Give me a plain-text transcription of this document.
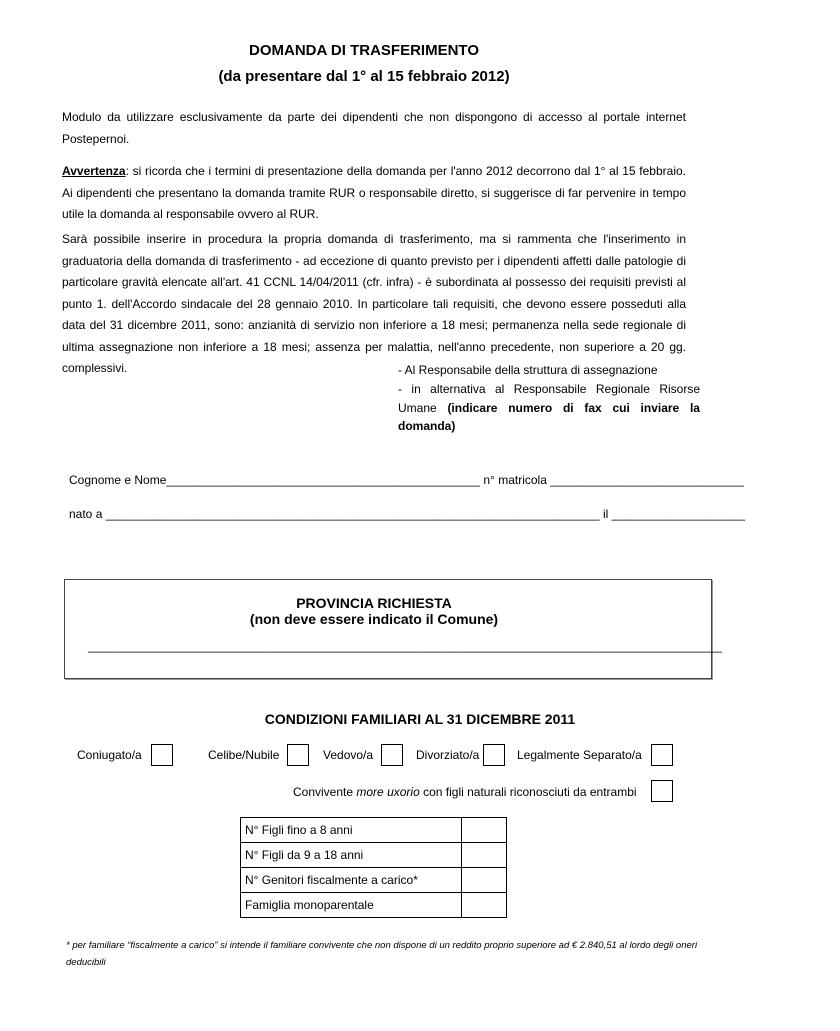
DOMANDA DI TRASFERIMENTO
(da presentare dal 1° al 15 febbraio 2012)
Modulo da utilizzare esclusivamente da parte dei dipendenti che non dispongono di accesso al portale internet Postepernoi.
Avvertenza: si ricorda che i termini di presentazione della domanda per l'anno 2012 decorrono dal 1° al 15 febbraio. Ai dipendenti che presentano la domanda tramite RUR o responsabile diretto, si suggerisce di far pervenire in tempo utile la domanda al responsabile ovvero al RUR.
Sarà possibile inserire in procedura la propria domanda di trasferimento, ma si rammenta che l'inserimento in graduatoria della domanda di trasferimento - ad eccezione di quanto previsto per i dipendenti affetti dalle patologie di particolare gravità elencate all'art. 41 CCNL 14/04/2011 (cfr. infra) - è subordinata al possesso dei requisiti previsti al punto 1. dell'Accordo sindacale del 28 gennaio 2010. In particolare tali requisiti, che devono essere posseduti alla data del 31 dicembre 2011, sono: anzianità di servizio non inferiore a 18 mesi; permanenza nella sede regionale di ultima assegnazione non inferiore a 18 mesi; assenza per malattia, nell'anno precedente, non superiore a 20 gg. complessivi.	- Al Responsabile della struttura di assegnazione
- in alternativa al Responsabile Regionale Risorse Umane (indicare numero di fax cui inviare la domanda)
Cognome e Nome_______________________________________________ n° matricola _____________________________
nato a __________________________________________________________________________ il ____________________
PROVINCIA RICHIESTA
(non deve essere indicato il Comune)
_______________________________________________________________________________________________
CONDIZIONI FAMILIARI AL 31 DICEMBRE 2011
Coniugato/a	Celibe/Nubile	Vedovo/a	Divorziato/a	Legalmente Separato/a
Convivente more uxorio con figli naturali riconosciuti da entrambi
N° Figli fino a 8 anni	
N° Figli da 9 a 18 anni	
N° Genitori fiscalmente a carico*	
Famiglia monoparentale	
* per familiare “fiscalmente a carico” si intende il familiare convivente che non dispone di un reddito proprio superiore ad € 2.840,51 al lordo degli oneri deducibili
